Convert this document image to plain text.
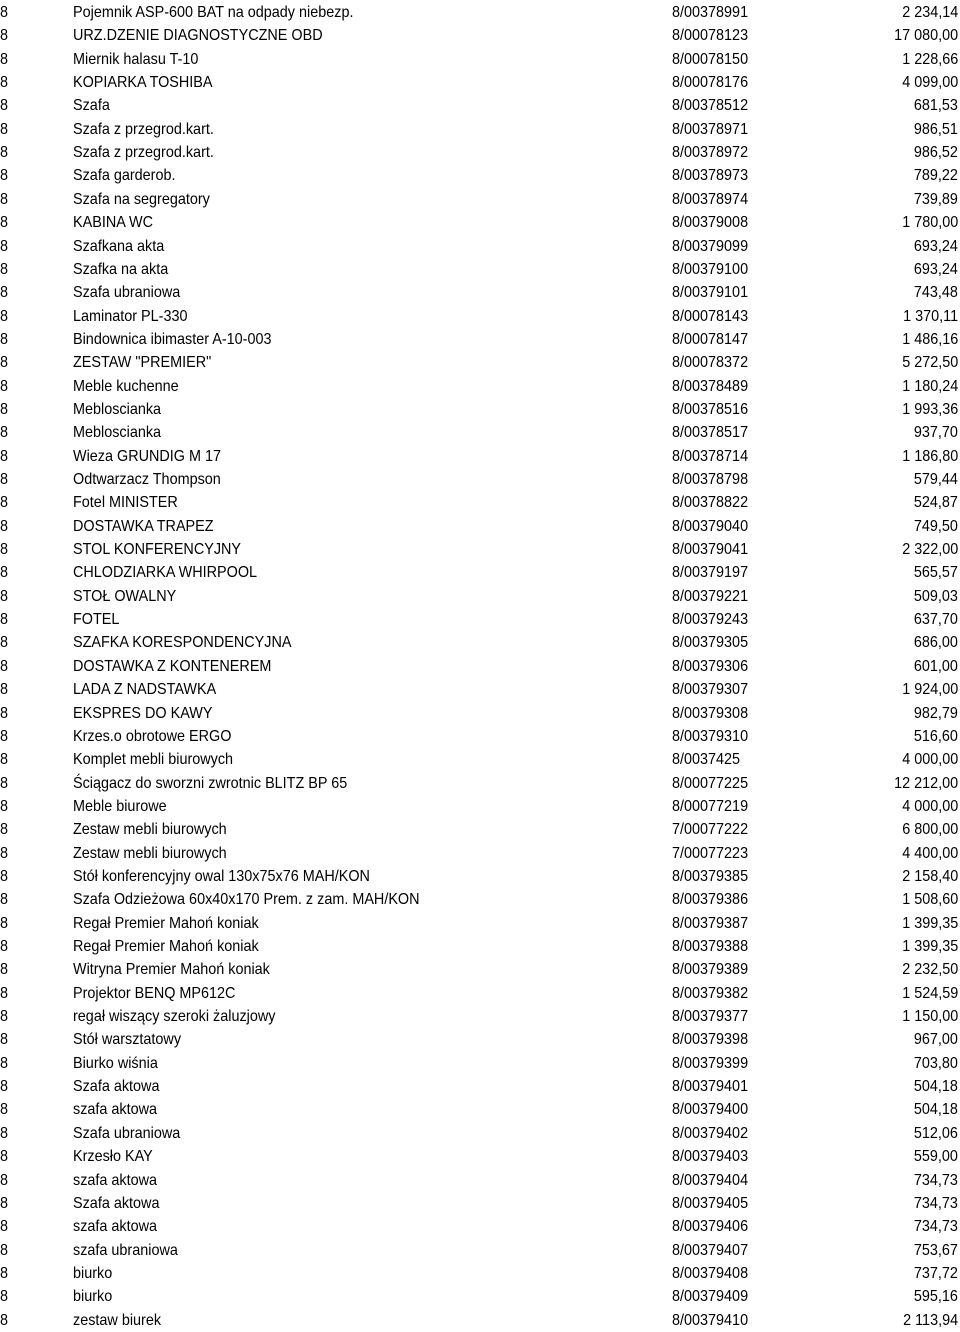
8	Pojemnik ASP-600 BAT na odpady niebezp.	8/00378991	2 234,14
8	URZ.DZENIE DIAGNOSTYCZNE OBD	8/00078123	17 080,00
8	Miernik halasu T-10	8/00078150	1 228,66
8	KOPIARKA TOSHIBA	8/00078176	4 099,00
8	Szafa	8/00378512	681,53
8	Szafa z przegrod.kart.	8/00378971	986,51
8	Szafa z przegrod.kart.	8/00378972	986,52
8	Szafa garderob.	8/00378973	789,22
8	Szafa na segregatory	8/00378974	739,89
8	KABINA WC	8/00379008	1 780,00
8	Szafkana akta	8/00379099	693,24
8	Szafka na akta	8/00379100	693,24
8	Szafa ubraniowa	8/00379101	743,48
8	Laminator PL-330	8/00078143	1 370,11
8	Bindownica ibimaster A-10-003	8/00078147	1 486,16
8	ZESTAW "PREMIER"	8/00078372	5 272,50
8	Meble kuchenne	8/00378489	1 180,24
8	Meblоscianka	8/00378516	1 993,36
8	Meblоscianka	8/00378517	937,70
8	Wieza GRUNDIG M 17	8/00378714	1 186,80
8	Odtwarzacz Thompson	8/00378798	579,44
8	Fotel MINISTER	8/00378822	524,87
8	DOSTAWKA TRAPEZ	8/00379040	749,50
8	STOL KONFERENCYJNY	8/00379041	2 322,00
8	CHLODZIARKA WHIRPOOL	8/00379197	565,57
8	STOŁ OWALNY	8/00379221	509,03
8	FOTEL	8/00379243	637,70
8	SZAFKA KORESPONDENCYJNA	8/00379305	686,00
8	DOSTAWKA Z KONTENEREM	8/00379306	601,00
8	LADA Z NADSTAWKA	8/00379307	1 924,00
8	EKSPRES DO KAWY	8/00379308	982,79
8	Krzes.o obrotowe ERGO	8/00379310	516,60
8	Komplet mebli biurowych	8/0037425	4 000,00
8	Ściągacz do sworzni zwrotnic BLITZ BP 65	8/00077225	12 212,00
8	Meble biurowe	8/00077219	4 000,00
8	Zestaw mebli biurowych	7/00077222	6 800,00
8	Zestaw mebli biurowych	7/00077223	4 400,00
8	Stół konferencyjny owal 130x75x76 MAH/KON	8/00379385	2 158,40
8	Szafa Odzieżowa 60x40x170 Prem. z zam. MAH/KON	8/00379386	1 508,60
8	Regał Premier Mahoń koniak	8/00379387	1 399,35
8	Regał Premier Mahoń koniak	8/00379388	1 399,35
8	Witryna Premier Mahoń koniak	8/00379389	2 232,50
8	Projektor BENQ MP612C	8/00379382	1 524,59
8	regał wiszący szeroki żaluzjowy	8/00379377	1 150,00
8	Stół warsztatowy	8/00379398	967,00
8	Biurko wiśnia	8/00379399	703,80
8	Szafa aktowa	8/00379401	504,18
8	szafa aktowa	8/00379400	504,18
8	Szafa ubraniowa	8/00379402	512,06
8	Krzesło KAY	8/00379403	559,00
8	szafa aktowa	8/00379404	734,73
8	Szafa aktowa	8/00379405	734,73
8	szafa aktowa	8/00379406	734,73
8	szafa ubraniowa	8/00379407	753,67
8	biurko	8/00379408	737,72
8	biurko	8/00379409	595,16
8	zestaw biurek	8/00379410	2 113,94
